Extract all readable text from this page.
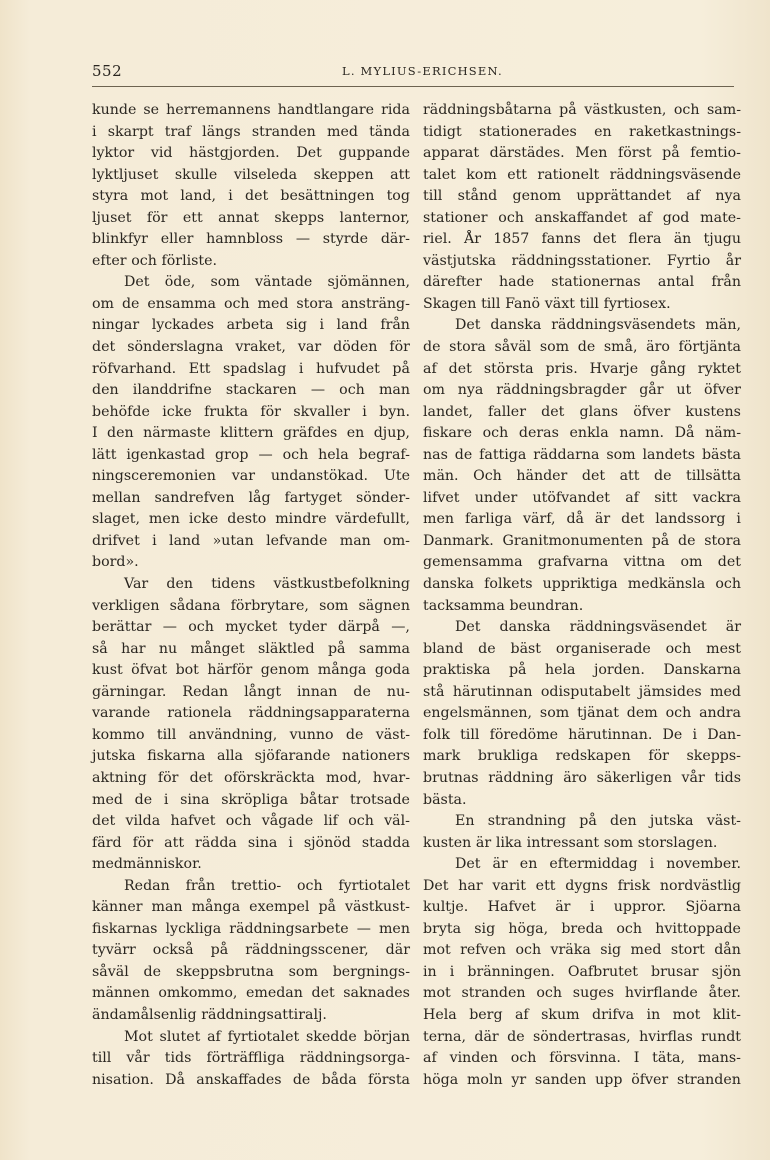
552	L. MYLIUS-ERICHSEN.
kunde se herremannens handtlangare rida
i skarpt traf längs stranden med tända
lyktor vid hästgjorden. Det guppande
lyktljuset skulle vilseleda skeppen att
styra mot land, i det besättningen tog
ljuset för ett annat skepps lanternor,
blinkfyr eller hamnbloss — styrde där-
efter och förliste.
Det öde, som väntade sjömännen,
om de ensamma och med stora ansträng-
ningar lyckades arbeta sig i land från
det sönderslagna vraket, var döden för
röfvarhand. Ett spadslag i hufvudet på
den ilanddrifne stackaren — och man
behöfde icke frukta för skvaller i byn.
I den närmaste klittern gräfdes en djup,
lätt igenkastad grop — och hela begraf-
ningsceremonien var undanstökad. Ute
mellan sandrefven låg fartyget sönder-
slaget, men icke desto mindre värdefullt,
drifvet i land »utan lefvande man om-
bord».
Var den tidens västkustbefolkning
verkligen sådana förbrytare, som sägnen
berättar — och mycket tyder därpå —,
så har nu månget släktled på samma
kust öfvat bot härför genom många goda
gärningar. Redan långt innan de nu-
varande rationela räddningsapparaterna
kommo till användning, vunno de väst-
jutska fiskarna alla sjöfarande nationers
aktning för det oförskräckta mod, hvar-
med de i sina skröpliga båtar trotsade
det vilda hafvet och vågade lif och väl-
färd för att rädda sina i sjönöd stadda
medmänniskor.
Redan från trettio- och fyrtiotalet
känner man många exempel på västkust-
fiskarnas lyckliga räddningsarbete — men
tyvärr också på räddningsscener, där
såväl de skeppsbrutna som bergnings-
männen omkommo, emedan det saknades
ändamålsenlig räddningsattiralj.
Mot slutet af fyrtiotalet skedde början
till vår tids förträffliga räddningsorga-
nisation. Då anskaffades de båda första
räddningsbåtarna på västkusten, och sam-
tidigt stationerades en raketkastnings-
apparat därstädes. Men först på femtio-
talet kom ett rationelt räddningsväsende
till stånd genom upprättandet af nya
stationer och anskaffandet af god mate-
riel. År 1857 fanns det flera än tjugu
västjutska räddningsstationer. Fyrtio år
därefter hade stationernas antal från
Skagen till Fanö växt till fyrtiosex.
Det danska räddningsväsendets män,
de stora såväl som de små, äro förtjänta
af det största pris. Hvarje gång ryktet
om nya räddningsbragder går ut öfver
landet, faller det glans öfver kustens
fiskare och deras enkla namn. Då näm-
nas de fattiga räddarna som landets bästa
män. Och händer det att de tillsätta
lifvet under utöfvandet af sitt vackra
men farliga värf, då är det landssorg i
Danmark. Granitmonumenten på de stora
gemensamma grafvarna vittna om det
danska folkets uppriktiga medkänsla och
tacksamma beundran.
Det danska räddningsväsendet är
bland de bäst organiserade och mest
praktiska på hela jorden. Danskarna
stå härutinnan odisputabelt jämsides med
engelsmännen, som tjänat dem och andra
folk till föredöme härutinnan. De i Dan-
mark brukliga redskapen för skepps-
brutnas räddning äro säkerligen vår tids
bästa.
En strandning på den jutska väst-
kusten är lika intressant som storslagen.
Det är en eftermiddag i november.
Det har varit ett dygns frisk nordvästlig
kultje. Hafvet är i uppror. Sjöarna
bryta sig höga, breda och hvittoppade
mot refven och vräka sig med stort dån
in i bränningen. Oafbrutet brusar sjön
mot stranden och suges hvirflande åter.
Hela berg af skum drifva in mot klit-
terna, där de söndertrasas, hvirflas rundt
af vinden och försvinna. I täta, mans-
höga moln yr sanden upp öfver stranden
